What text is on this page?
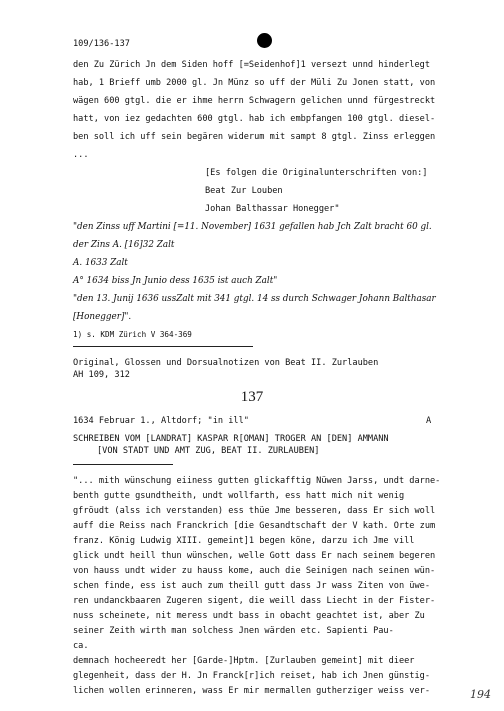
109/136-137
den Zu Zürich Jn dem Siden hoff [=Seidenhof]1 versezt unnd hinderlegt
hab, 1 Brieff umb 2000 gl. Jn Münz so uff der Müli Zu Jonen statt, von
wägen 600 gtgl. die er ihme herrn Schwagern gelichen unnd fürgestreckt
hatt, von iez gedachten 600 gtgl. hab ich embpfangen 100 gtgl. diesel-
ben soll ich uff sein begären widerum mit sampt 8 gtgl. Zinss erleggen
...
[Es folgen die Originalunterschriften von:]
Beat Zur Louben
Johan Balthassar Honegger"
"den Zinss uff Martini [=11. November] 1631 gefallen hab Jch Zalt bracht 60 gl.
der Zins A. [16]32 Zalt
A. 1633 Zalt
A° 1634 biss Jn Junio dess 1635 ist auch Zalt"
"den 13. Junij 1636 ussZalt mit 341 gtgl. 14 ss durch Schwager Johann Balthasar
[Honegger]".
1) s. KDM Zürich V 364-369
Original, Glossen und Dorsualnotizen von Beat II. Zurlauben
AH 109, 312
137
1634 Februar 1., Altdorf; "in ill"	A
SCHREIBEN VOM [LANDRAT] KASPAR R[OMAN] TROGER AN [DEN] AMMANN
[VON STADT UND AMT ZUG, BEAT II. ZURLAUBEN]
"... mith wünschung eiiness gutten glickafftig Nüwen Jarss, undt darne-
benth gutte gsundtheith, undt wollfarth, ess hatt mich nit wenig
gfröudt (alss ich verstanden) ess thüe Jme besseren, dass Er sich woll
auff die Reiss nach Franckrich [die Gesandtschaft der V kath. Orte zum
franz. König Ludwig XIII. gemeint]1 begen köne, darzu ich Jme vill
glick undt heill thun wünschen, welle Gott dass Er nach seinem begeren
von hauss undt wider zu hauss kome, auch die Seinigen nach seinen wün-
schen finde, ess ist auch zum theill gutt dass Jr wass Ziten von üwe-
ren undanckbaaren Zugeren sigent, die weill dass Liecht in der Fister-
nuss scheinete, nit meress undt bass in obacht geachtet ist, aber Zu
seiner Zeith wirth man solchess Jnen wärden etc. Sapienti Pau-
ca.
demnach hocheeredt her [Garde-]Hptm. [Zurlauben gemeint] mit dieer
glegenheit, dass der H. Jn Franck[r]ich reiset, hab ich Jnen günstig-
lichen wollen erinneren, wass Er mir mermallen gutherziger weiss ver-	194
